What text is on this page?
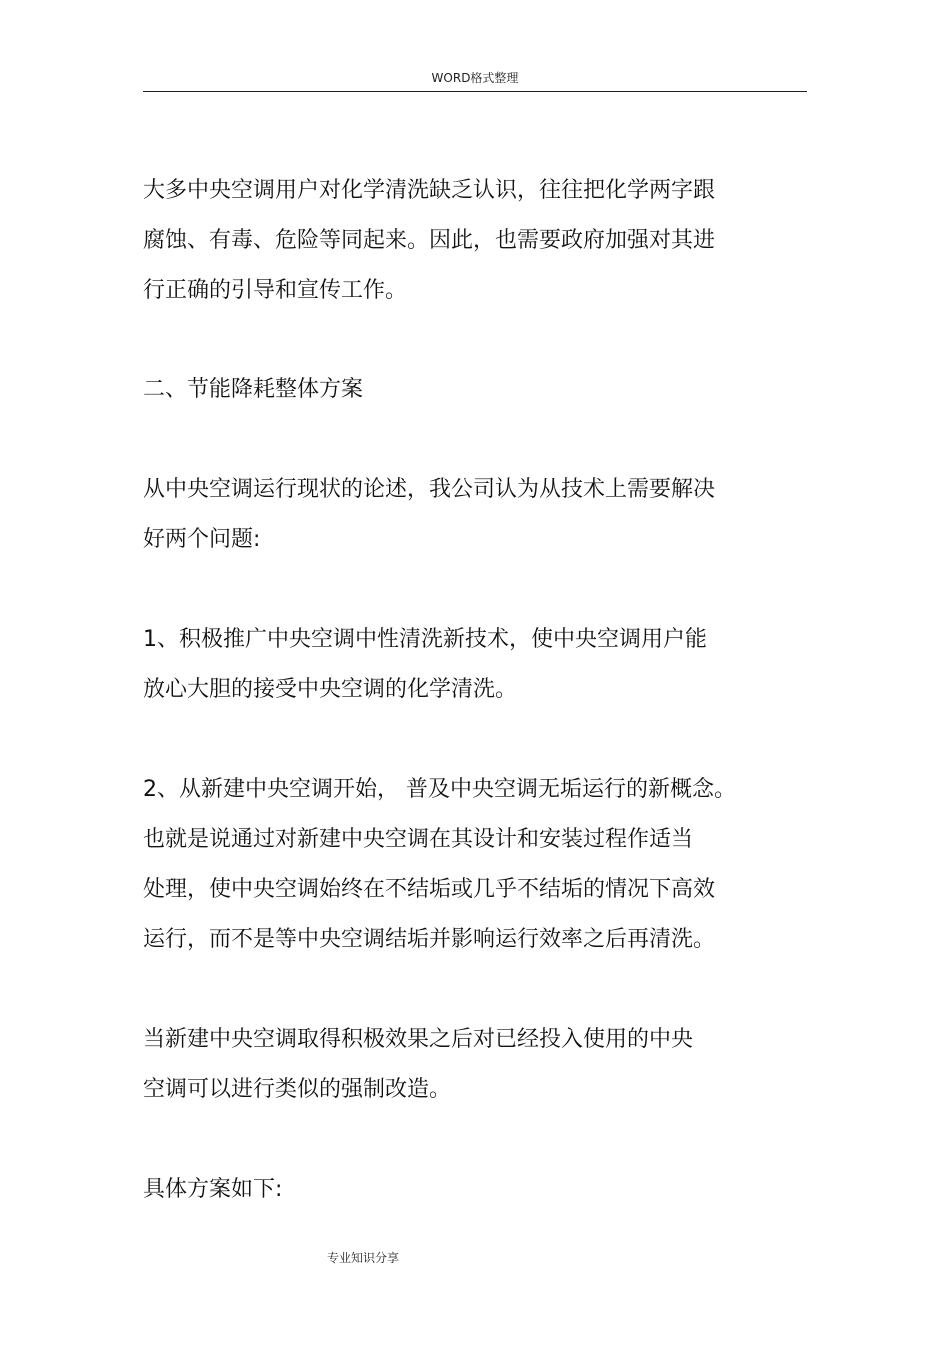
WORD格式整理
大多中央空调用户对化学清洗缺乏认识，往往把化学两字跟
腐蚀、有毒、危险等同起来。因此，也需要政府加强对其进
行正确的引导和宣传工作。
二、节能降耗整体方案
从中央空调运行现状的论述，我公司认为从技术上需要解决
好两个问题:
1、积极推广中央空调中性清洗新技术，使中央空调用户能
放心大胆的接受中央空调的化学清洗。
2、从新建中央空调开始， 普及中央空调无垢运行的新概念。
也就是说通过对新建中央空调在其设计和安装过程作适当
处理，使中央空调始终在不结垢或几乎不结垢的情况下高效
运行，而不是等中央空调结垢并影响运行效率之后再清洗。
当新建中央空调取得积极效果之后对已经投入使用的中央
空调可以进行类似的强制改造。
具体方案如下:
专业知识分享
